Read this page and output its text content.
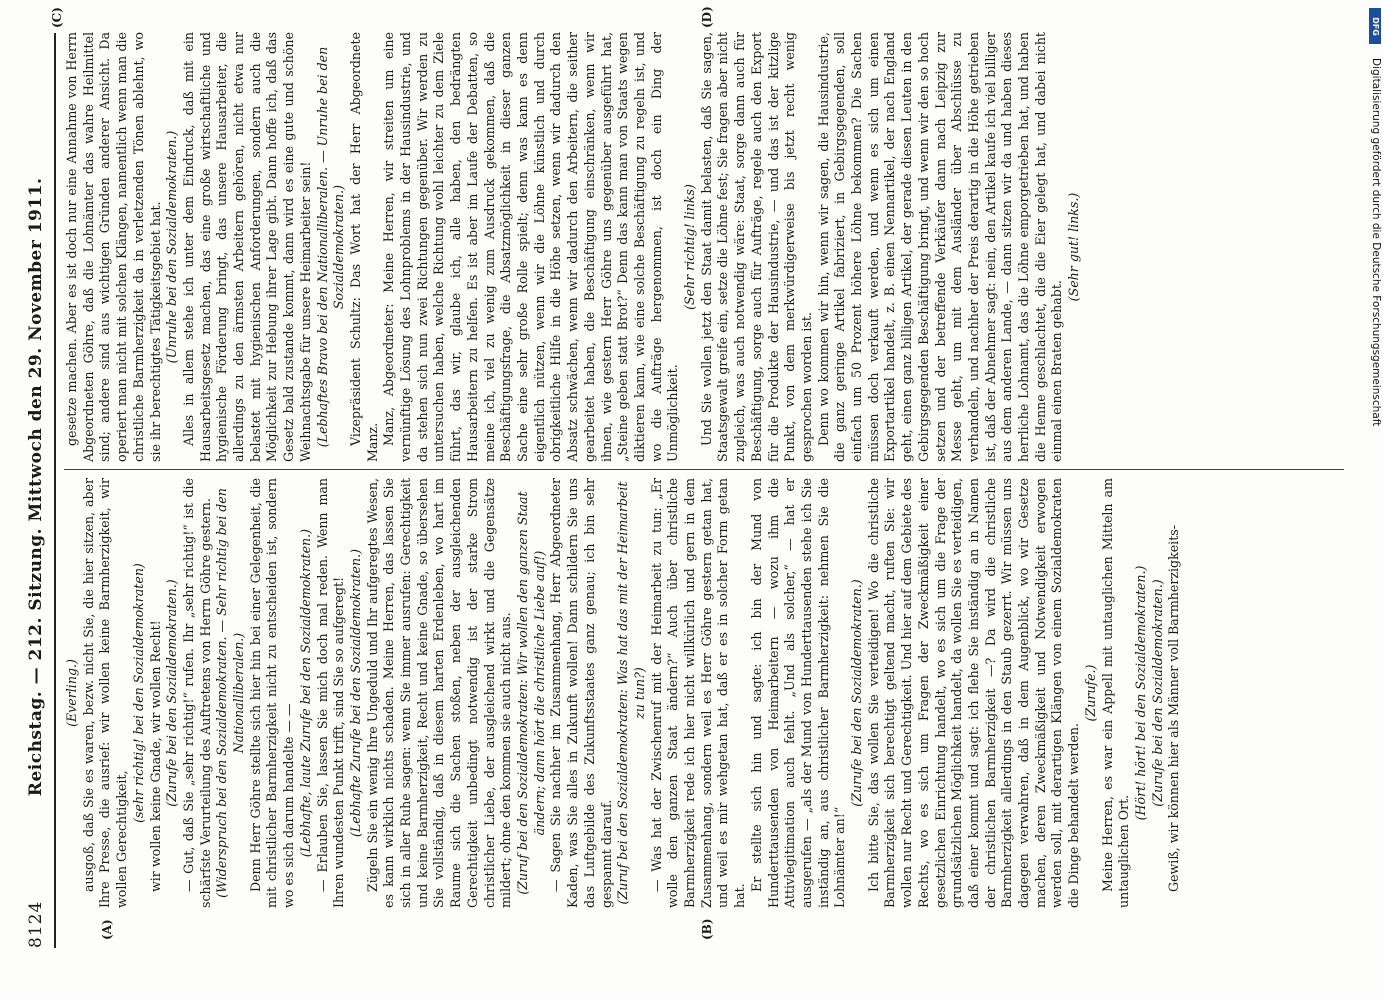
8124
Reichstag. — 212. Sitzung. Mittwoch den 29. November 1911.
(A)	(B)
(C)	(D)

(Everling.) ausgoß, daß Sie es waren, bezw. nicht Sie, die hier sitzen, aber Ihre Presse, die ausrief: wir wollen keine Barmherzigkeit, wir wollen Gerechtigkeit,

(sehr richtig! bei den Sozialdemokraten) wir wollen keine Gnade, wir wollen Recht! (Zurufe bei den Sozialdemokraten.) — Gut, daß Sie „sehr richtig!“ rufen. Ihr „sehr richtig!“ ist die schärfste Verurteilung des Auftretens von Herrn Göhre gestern. (Widerspruch bei den Sozialdemokraten. — Sehr richtig bei den Nationalliberalen.) Denn Herr Göhre stellte sich hier hin bei einer Gelegenheit, die mit christlicher Barmherzigkeit nicht zu entscheiden ist, sondern wo es sich darum handelte — — (Lebhafte, laute Zurufe bei den Sozialdemokraten.) — Erlauben Sie, lassen Sie mich doch mal reden. Wenn man Ihren wundesten Punkt trifft, sind Sie so aufgeregt! (Lebhafte Zurufe bei den Sozialdemokraten.) Zügeln Sie ein wenig Ihre Ungeduld und Ihr aufgeregtes Wesen, es kann wirklich nichts schaden. Meine Herren, das lassen Sie sich in aller Ruhe sagen: wenn Sie immer ausrufen: Gerechtigkeit und keine Barmherzigkeit, Recht und keine Gnade, so übersehen Sie vollständig, daß in diesem harten Erdenleben, wo hart im Raume sich die Sachen stoßen, neben der ausgleichenden Gerechtigkeit unbedingt notwendig ist der starke Strom christlicher Liebe, der ausgleichend wirkt und die Gegensätze mildert; ohne den kommen sie auch nicht aus. (Zuruf bei den Sozialdemokraten: Wir wollen den ganzen Staat ändern; dann hört die christliche Liebe auf!) — Sagen Sie nachher im Zusammenhang, Herr Abgeordneter Kaden, was Sie alles in Zukunft wollen! Dann schildern Sie uns das Luftgebilde des Zukunftsstaates ganz genau; ich bin sehr gespannt darauf. (Zuruf bei den Sozialdemokraten: Was hat das mit der Heimarbeit zu tun?) — Was hat der Zwischenruf mit der Heimarbeit zu tun: „Er wolle den ganzen Staat ändern?“ Auch über christliche Barmherzigkeit rede ich hier nicht willkürlich und gern in dem Zusammenhang, sondern weil es Herr Göhre gestern getan hat, und weil es mir wehgetan hat, daß er es in solcher Form getan hat.

Er stellte sich hin und sagte: ich bin der Mund von Hunderttausenden von Heimarbeitern — wozu ihm die Attivlegitimation auch fehlt. „Und als solcher,“ — hat er ausgerufen — „als der Mund von Hunderttausenden stehe ich Sie inständig an, aus christlicher Barmherzigkeit: nehmen Sie die Lohnämter an!“

(Zurufe bei den Sozialdemokraten.) Ich bitte Sie, das wollen Sie verteidigen! Wo die christliche Barmherzigkeit sich berechtigt geltend macht, ruften Sie: wir wollen nur Recht und Gerechtigkeit. Und hier auf dem Gebiete des Rechts, wo es sich um Fragen der Zweckmäßigkeit einer gesetzlichen Einrichtung handelt, wo es sich um die Frage der grundsätzlichen Möglichkeit handelt, da wollen Sie es verteidigen, daß einer kommt und sagt: ich flehe Sie inständig an in Namen der christlichen Barmherzigkeit —? Da wird die christliche Barmherzigkeit allerdings in den Staub gezerrt. Wir müssen uns dagegen verwahren, daß in dem Augenblick, wo wir Gesetze machen, deren Zweckmäßigkeit und Notwendigkeit erwogen werden soll, mit derartigen Klängen von einem Sozialdemokraten die Dinge behandelt werden.

(Zurufe.) Meine Herren, es war ein Appell mit untauglichen Mitteln am untauglichen Ort.

(Hört! hört! bei den Sozialdemokraten.) (Zurufe bei den Sozialdemokraten.) Gewiß, wir können hier als Männer voll Barmherzigkeits-

gesetze machen. Aber es ist doch nur eine Annahme von Herrn Abgeordneten Göhre, daß die Lohnämter das wahre Heilmittel sind; andere sind aus wichtigen Gründen anderer Ansicht. Da operiert man nicht mit solchen Klängen, namentlich wenn man die christliche Barmherzigkeit da in verletzenden Tönen ablehnt, wo sie ihr berechtigtes Tätigkeitsgebiet hat. (Unruhe bei den Sozialdemokraten.) Alles in allem stehe ich unter dem Eindruck, daß mit ein Hausarbeitsgesetz machen, das eine große wirtschaftliche und hygienische Förderung bringt, das unsere Hausarbeiter, die allerdings zu den ärmsten Arbeitern gehören, nicht etwa nur belastet mit hygienischen Anforderungen, sondern auch die Möglichkeit zur Hebung ihrer Lage gibt. Dann hoffe ich, daß das Gesetz bald zustande kommt, dann wird es eine gute und schöne Weihnachtsgabe für unsere Heimarbeiter sein! (Lebhaftes Bravo bei den Nationalliberalen. — Unruhe bei den Sozialdemokraten.) Vizepräsident Schultz: Das Wort hat der Herr Abgeordnete Manz. Manz, Abgeordneter: Meine Herren, wir streiten um eine vernünftige Lösung des Lohnproblems in der Hausindustrie, und da stehen sich nun zwei Richtungen gegenüber. Wir werden zu untersuchen haben, welche Richtung wohl leichter zu dem Ziele führt, das wir, glaube ich, alle haben, den bedrängten Hausarbeitern zu helfen. Es ist aber im Laufe der Debatten, so meine ich, viel zu wenig zum Ausdruck gekommen, daß die Beschäftigungsfrage, die Absatzmöglichkeit in dieser ganzen Sache eine sehr große Rolle spielt; denn was kann es denn eigentlich nützen, wenn wir die Löhne künstlich und durch obrigkeitliche Hilfe in die Höhe setzen, wenn wir dadurch den Absatz schwächen, wenn wir dadurch den Arbeitern, die seither gearbeitet haben, die Beschäftigung einschränken, wenn wir ihnen, wie gestern Herr Göhre uns gegenüber ausgeführt hat, „Steine geben statt Brot?“ Denn das kann man von Staats wegen diktieren kann, wie eine solche Beschäftigung zu regeln ist, und wo die Aufträge hergenommen, ist doch ein Ding der Unmöglichkeit.

(Sehr richtig! links) Und Sie wollen jetzt den Staat damit belasten, daß Sie sagen, Staatsgewalt greife ein, setze die Löhne fest; Sie fragen aber nicht zugleich, was auch notwendig wäre: Staat, sorge dann auch für Beschäftigung, sorge auch für Aufträge, regele auch den Export für die Produkte der Hausindustrie, — und das ist der kitzlige Punkt, von dem merkwürdigerweise bis jetzt recht wenig gesprochen worden ist. Denn wo kommen wir hin, wenn wir sagen, die Hausindustrie, die ganz geringe Artikel fabriziert, in Gebirgsgegenden, soll einfach um 50 Prozent höhere Löhne bekommen? Die Sachen müssen doch verkauft werden, und wenn es sich um einen Exportartikel handelt, z. B. einen Nennartikel, der nach England geht, einen ganz billigen Artikel, der gerade diesen Leuten in den Gebirgsgegenden Beschäftigung bringt, und wenn wir den so hoch setzen und der betreffende Verkäufer dann nach Leipzig zur Messe geht, um mit dem Ausländer über Abschlüsse zu verhandeln, und nachher der Preis derartig in die Höhe getrieben ist, daß der Abnehmer sagt: nein, den Artikel kaufe ich viel billiger aus dem anderen Lande, — dann sitzen wir da und haben dieses herrliche Lohnamt, das die Löhne emporgetrieben hat, und haben die Henne geschlachtet, die die Eier gelegt hat, und dabei nicht einmal einen Braten gehabt.

(Sehr gut! links.)

DFG
Digitalisierung gefördert durch die Deutsche Forschungsgemeinschaft
